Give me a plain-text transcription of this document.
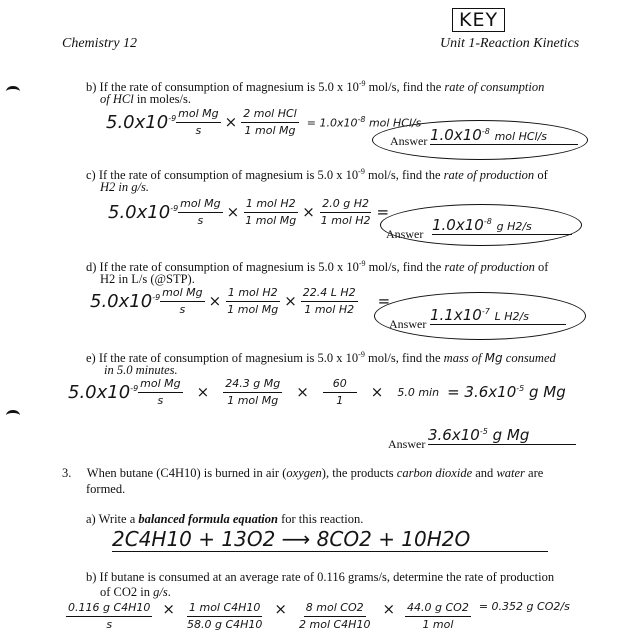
Chemistry 12
KEY
Unit 1-Reaction Kinetics
b) If the rate of consumption of magnesium is 5.0 x $10^{-9}$ mol/s, find the rate of consumption
of HCl in moles/s.
$5.0x10^{-9} \frac{\text{mol Mg}}{s} \times \frac{\text{2 mol HCl}}{\text{1 mol Mg}} = 1.0x10^{-8}$ mol HCl/s
Answer $1.0x10^{-8}$ mol HCl/s
c) If the rate of consumption of magnesium is 5.0 x $10^{-9}$ mol/s, find the rate of production of
H2 in g/s.
$5.0x10^{-9} \frac{\text{mol Mg}}{s} \times \frac{\text{1 mol H2}}{\text{1 mol Mg}} \times \frac{\text{2.0 g H2}}{\text{1 mol H2}}$ =
Answer $1.0x10^{-8}$ g H2/s
d) If the rate of consumption of magnesium is 5.0 x $10^{-9}$ mol/s, find the rate of production of
H2 in L/s (@STP).
$5.0x10^{-9} \frac{\text{mol Mg}}{s} \times \frac{\text{1 mol H2}}{\text{1 mol Mg}} \times \frac{\text{22.4 L H2}}{\text{1 mol H2}}$ =
Answer $1.1x10^{-7}$ L H2/s
e) If the rate of consumption of magnesium is 5.0 x $10^{-9}$ mol/s, find the mass of Mg consumed
in 5.0 minutes.
$5.0x10^{-9} \frac{\text{mol Mg}}{s} \times \frac{\text{24.3 g Mg}}{\text{1 mol Mg}} \times \frac{60}{1} \times 5.0$ $\min = 3.6x10^{-5}$ g Mg
Answer $3.6x10^{-5}$ g Mg
3. When butane (C4H10) is burned in air (oxygen), the products carbon dioxide and water are
formed.
a) Write a balanced formula equation for this reaction.
2C4H10 + 13O2 ⟶ 8CO2 + 10H2O
b) If butane is consumed at an average rate of 0.116 grams/s, determine the rate of production
of CO2 in g/s.
$\frac{\text{0.116 g C4H10}}{s} \times \frac{\text{1 mol C4H10}}{\text{58.0 g C4H10}} \times \frac{\text{8 mol CO2}}{\text{2 mol C4H10}} \times \frac{\text{44.0 g CO2}}{\text{1 mol}} = 0.352$ g CO2/s
